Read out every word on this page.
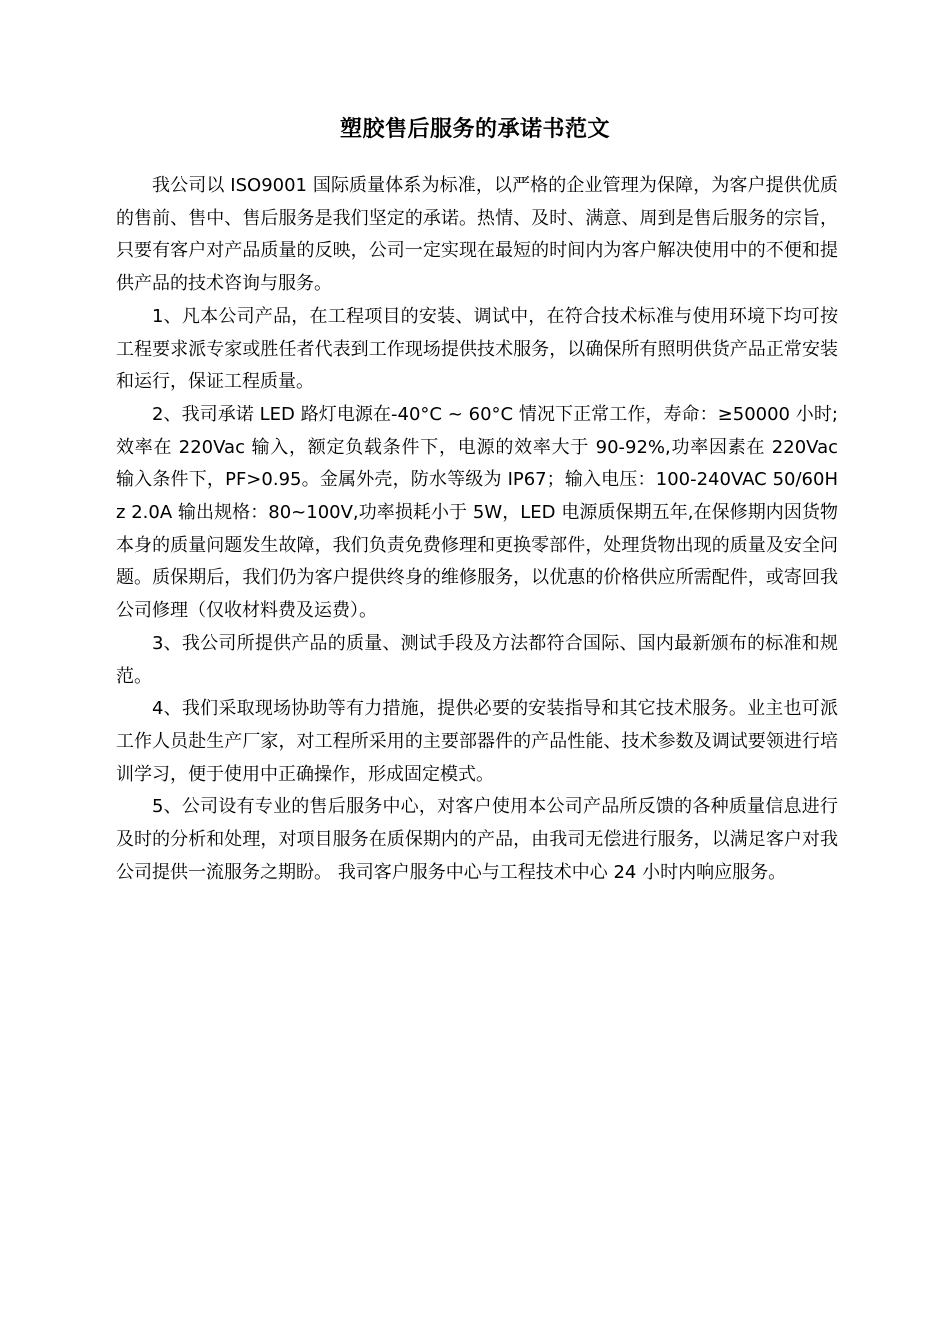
塑胶售后服务的承诺书范文

我公司以 ISO9001 国际质量体系为标准，以严格的企业管理为保障，为客户提供优质的售前、售中、售后服务是我们坚定的承诺。热情、及时、满意、周到是售后服务的宗旨，只要有客户对产品质量的反映，公司一定实现在最短的时间内为客户解决使用中的不便和提供产品的技术咨询与服务。

1、凡本公司产品，在工程项目的安装、调试中，在符合技术标准与使用环境下均可按工程要求派专家或胜任者代表到工作现场提供技术服务，以确保所有照明供货产品正常安装和运行，保证工程质量。

2、我司承诺 LED 路灯电源在-40°C ~ 60°C 情况下正常工作，寿命：≥50000 小时; 效率在 220Vac 输入，额定负载条件下，电源的效率大于 90-92%,功率因素在 220Vac 输入条件下，PF>0.95。金属外壳，防水等级为 IP67；输入电压：100-240VAC 50/60Hz 2.0A 输出规格：80~100V,功率损耗小于 5W，LED 电源质保期五年,在保修期内因货物本身的质量问题发生故障，我们负责免费修理和更换零部件，处理货物出现的质量及安全问题。质保期后，我们仍为客户提供终身的维修服务，以优惠的价格供应所需配件，或寄回我公司修理（仅收材料费及运费）。

3、我公司所提供产品的质量、测试手段及方法都符合国际、国内最新颁布的标准和规范。

4、我们采取现场协助等有力措施，提供必要的安装指导和其它技术服务。业主也可派工作人员赴生产厂家，对工程所采用的主要部器件的产品性能、技术参数及调试要领进行培训学习，便于使用中正确操作，形成固定模式。

5、公司设有专业的售后服务中心，对客户使用本公司产品所反馈的各种质量信息进行及时的分析和处理，对项目服务在质保期内的产品，由我司无偿进行服务，以满足客户对我公司提供一流服务之期盼。 我司客户服务中心与工程技术中心 24 小时内响应服务。
